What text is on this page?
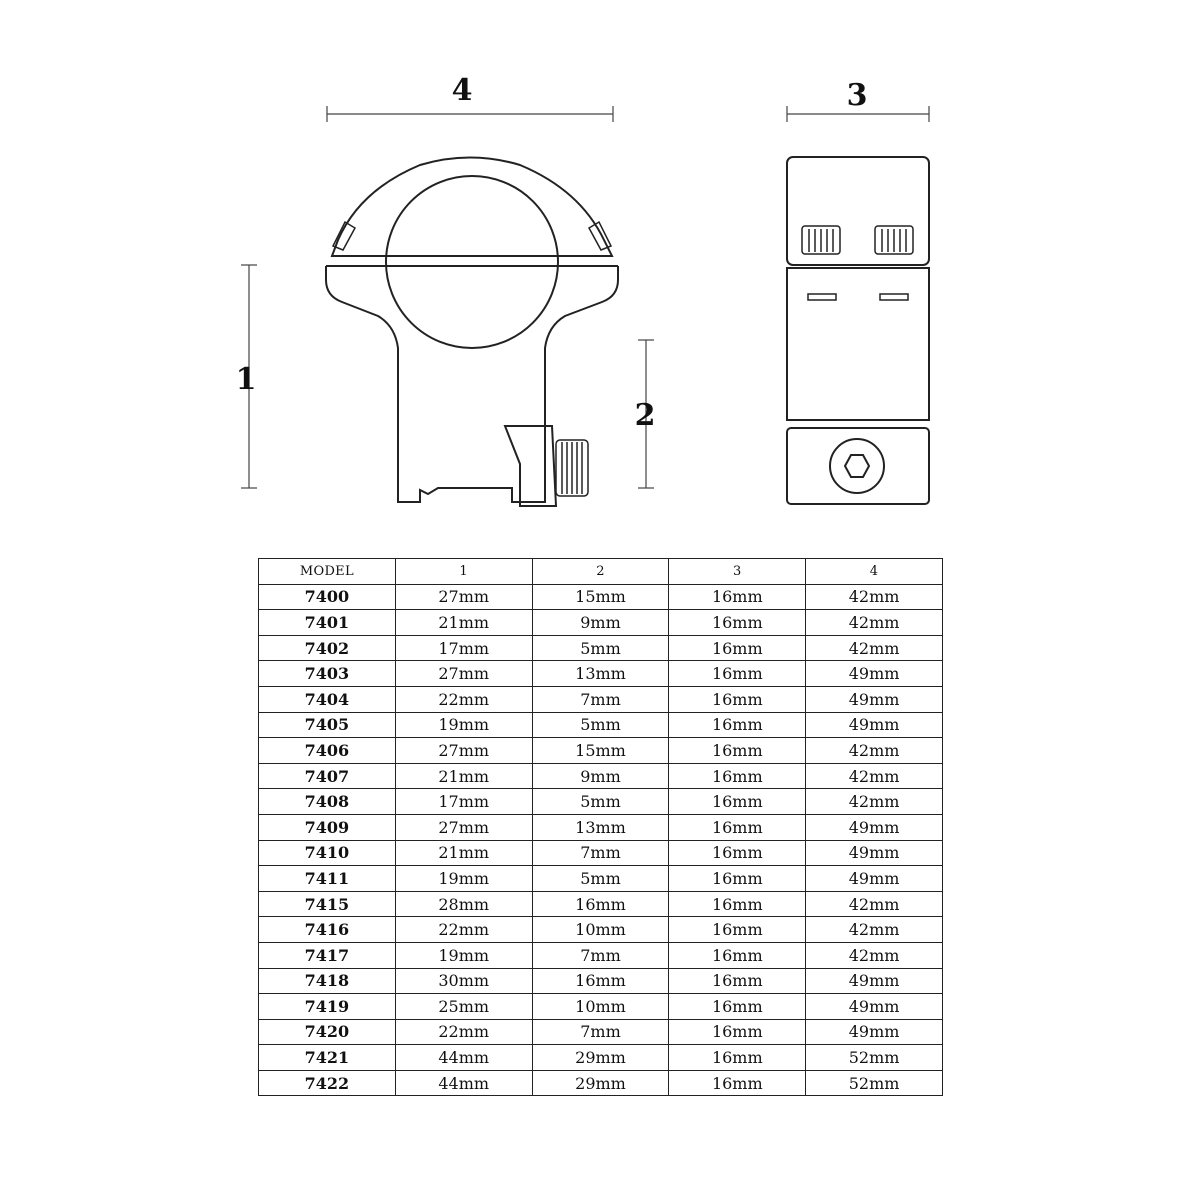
4	3
1
2
MODEL	1	2	3	4
7400	27mm	15mm	16mm	42mm
7401	21mm	9mm	16mm	42mm
7402	17mm	5mm	16mm	42mm
7403	27mm	13mm	16mm	49mm
7404	22mm	7mm	16mm	49mm
7405	19mm	5mm	16mm	49mm
7406	27mm	15mm	16mm	42mm
7407	21mm	9mm	16mm	42mm
7408	17mm	5mm	16mm	42mm
7409	27mm	13mm	16mm	49mm
7410	21mm	7mm	16mm	49mm
7411	19mm	5mm	16mm	49mm
7415	28mm	16mm	16mm	42mm
7416	22mm	10mm	16mm	42mm
7417	19mm	7mm	16mm	42mm
7418	30mm	16mm	16mm	49mm
7419	25mm	10mm	16mm	49mm
7420	22mm	7mm	16mm	49mm
7421	44mm	29mm	16mm	52mm
7422	44mm	29mm	16mm	52mm
